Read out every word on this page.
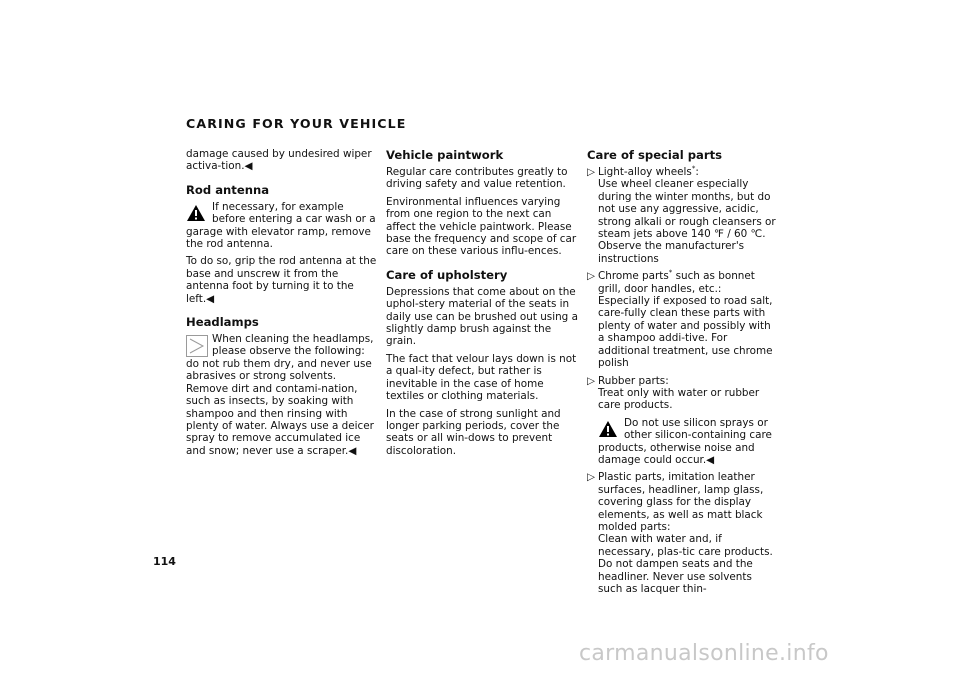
CARING FOR YOUR VEHICLE

damage caused by undesired wiper activa-tion.◀

Rod antenna
If necessary, for example before entering a car wash or a garage with elevator ramp, remove the rod antenna.

To do so, grip the rod antenna at the base and unscrew it from the antenna foot by turning it to the left.◀

Headlamps
When cleaning the headlamps, please observe the following: do not rub them dry, and never use abrasives or strong solvents. Remove dirt and contami-nation, such as insects, by soaking with shampoo and then rinsing with plenty of water. Always use a deicer spray to remove accumulated ice and snow; never use a scraper.◀
Vehicle paintwork

Regular care contributes greatly to driving safety and value retention.

Environmental influences varying from one region to the next can affect the vehicle paintwork. Please base the frequency and scope of car care on these various influ-ences.

Care of upholstery

Depressions that come about on the uphol-stery material of the seats in daily use can be brushed out using a slightly damp brush against the grain.

The fact that velour lays down is not a qual-ity defect, but rather is inevitable in the case of home textiles or clothing materials.

In the case of strong sunlight and longer parking periods, cover the seats or all win-dows to prevent discoloration.

Care of special parts
▷ Light-alloy wheels*:
Use wheel cleaner especially during the winter months, but do not use any aggressive, acidic, strong alkali or rough cleansers or steam jets above 140 ℉ / 60 ℃. Observe the manufacturer's instructions
▷ Chrome parts* such as bonnet grill, door handles, etc.:
Especially if exposed to road salt, care-fully clean these parts with plenty of water and possibly with a shampoo addi-tive. For additional treatment, use chrome polish
▷ Rubber parts:
Treat only with water or rubber care products.
Do not use silicon sprays or other silicon-containing care products, otherwise noise and damage could occur.◀
▷ Plastic parts, imitation leather surfaces, headliner, lamp glass, covering glass for the display elements, as well as matt black molded parts:
Clean with water and, if necessary, plas-tic care products. Do not dampen seats and the headliner. Never use solvents such as lacquer thin-
114
carmanualsonline.info
